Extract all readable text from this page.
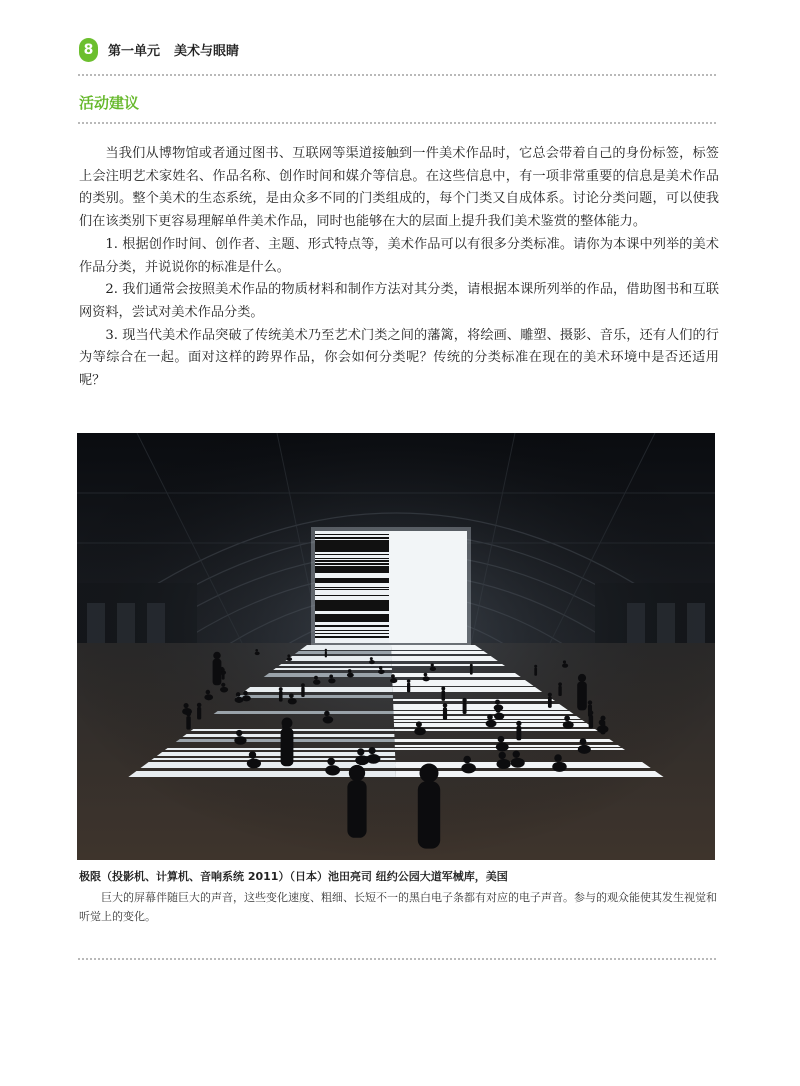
8	第一单元 美术与眼睛
活动建议

当我们从博物馆或者通过图书、互联网等渠道接触到一件美术作品时，它总会带着自己的身份标签，标签上会注明艺术家姓名、作品名称、创作时间和媒介等信息。在这些信息中，有一项非常重要的信息是美术作品的类别。整个美术的生态系统，是由众多不同的门类组成的，每个门类又自成体系。讨论分类问题，可以使我们在该类别下更容易理解单件美术作品，同时也能够在大的层面上提升我们美术鉴赏的整体能力。

1. 根据创作时间、创作者、主题、形式特点等，美术作品可以有很多分类标准。请你为本课中列举的美术作品分类，并说说你的标准是什么。

2. 我们通常会按照美术作品的物质材料和制作方法对其分类，请根据本课所列举的作品，借助图书和互联网资料，尝试对美术作品分类。

3. 现当代美术作品突破了传统美术乃至艺术门类之间的藩篱，将绘画、雕塑、摄影、音乐，还有人们的行为等综合在一起。面对这样的跨界作品，你会如何分类呢？传统的分类标准在现在的美术环境中是否还适用呢？

极限（投影机、计算机、音响系统 2011）（日本）池田亮司 纽约公园大道军械库，美国
巨大的屏幕伴随巨大的声音，这些变化速度、粗细、长短不一的黑白电子条都有对应的电子声音。参与的观众能使其发生视觉和听觉上的变化。
